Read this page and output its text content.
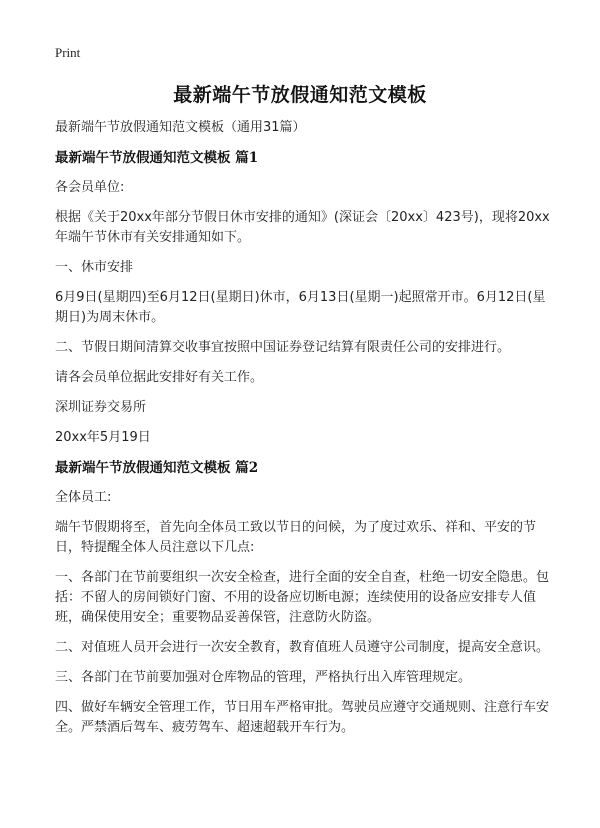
Print
最新端午节放假通知范文模板

最新端午节放假通知范文模板（通用31篇）

最新端午节放假通知范文模板 篇1

各会员单位:

根据《关于20xx年部分节假日休市安排的通知》(深证会〔20xx〕423号)，现将20xx年端午节休市有关安排通知如下。

一、休市安排

6月9日(星期四)至6月12日(星期日)休市，6月13日(星期一)起照常开市。6月12日(星期日)为周末休市。

二、节假日期间清算交收事宜按照中国证券登记结算有限责任公司的安排进行。

请各会员单位据此安排好有关工作。

深圳证券交易所

20xx年5月19日

最新端午节放假通知范文模板 篇2

全体员工:

端午节假期将至，首先向全体员工致以节日的问候，为了度过欢乐、祥和、平安的节日，特提醒全体人员注意以下几点:

一、各部门在节前要组织一次安全检查，进行全面的安全自查，杜绝一切安全隐患。包括：不留人的房间锁好门窗、不用的设备应切断电源；连续使用的设备应安排专人值班，确保使用安全；重要物品妥善保管，注意防火防盗。

二、对值班人员开会进行一次安全教育，教育值班人员遵守公司制度，提高安全意识。

三、各部门在节前要加强对仓库物品的管理，严格执行出入库管理规定。

四、做好车辆安全管理工作，节日用车严格审批。驾驶员应遵守交通规则、注意行车安全。严禁酒后驾车、疲劳驾车、超速超载开车行为。
